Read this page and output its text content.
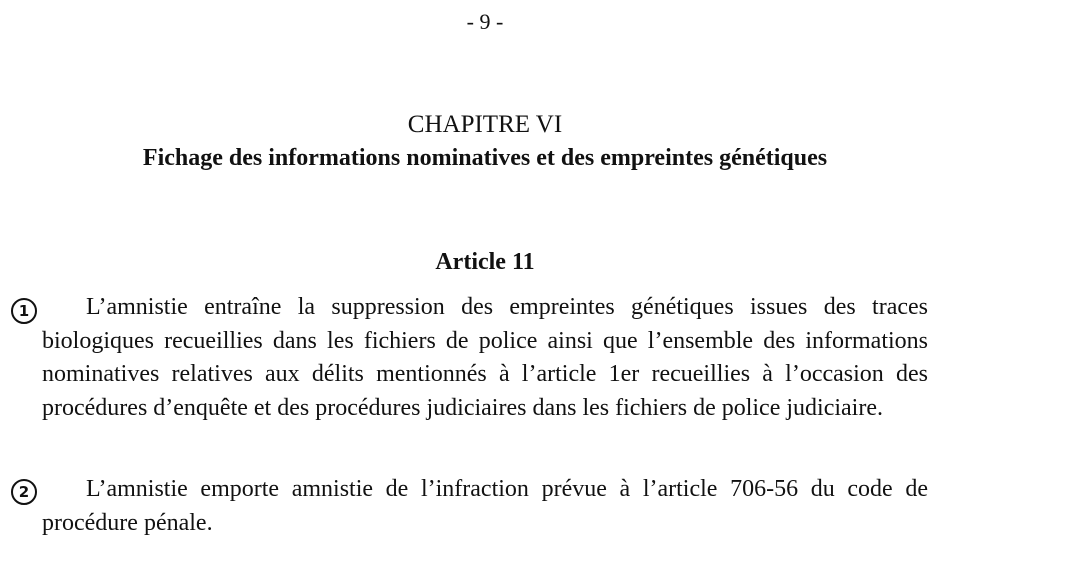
- 9 -
CHAPITRE VI
Fichage des informations nominatives et des empreintes génétiques
Article 11
1	L’amnistie entraîne la suppression des empreintes génétiques issues des traces biologiques recueillies dans les fichiers de police ainsi que l’ensemble des informations nominatives relatives aux délits mentionnés à l’article 1er recueillies à l’occasion des procédures d’enquête et des procédures judiciaires dans les fichiers de police judiciaire.
2	L’amnistie emporte amnistie de l’infraction prévue à l’article 706-56 du code de procédure pénale.
